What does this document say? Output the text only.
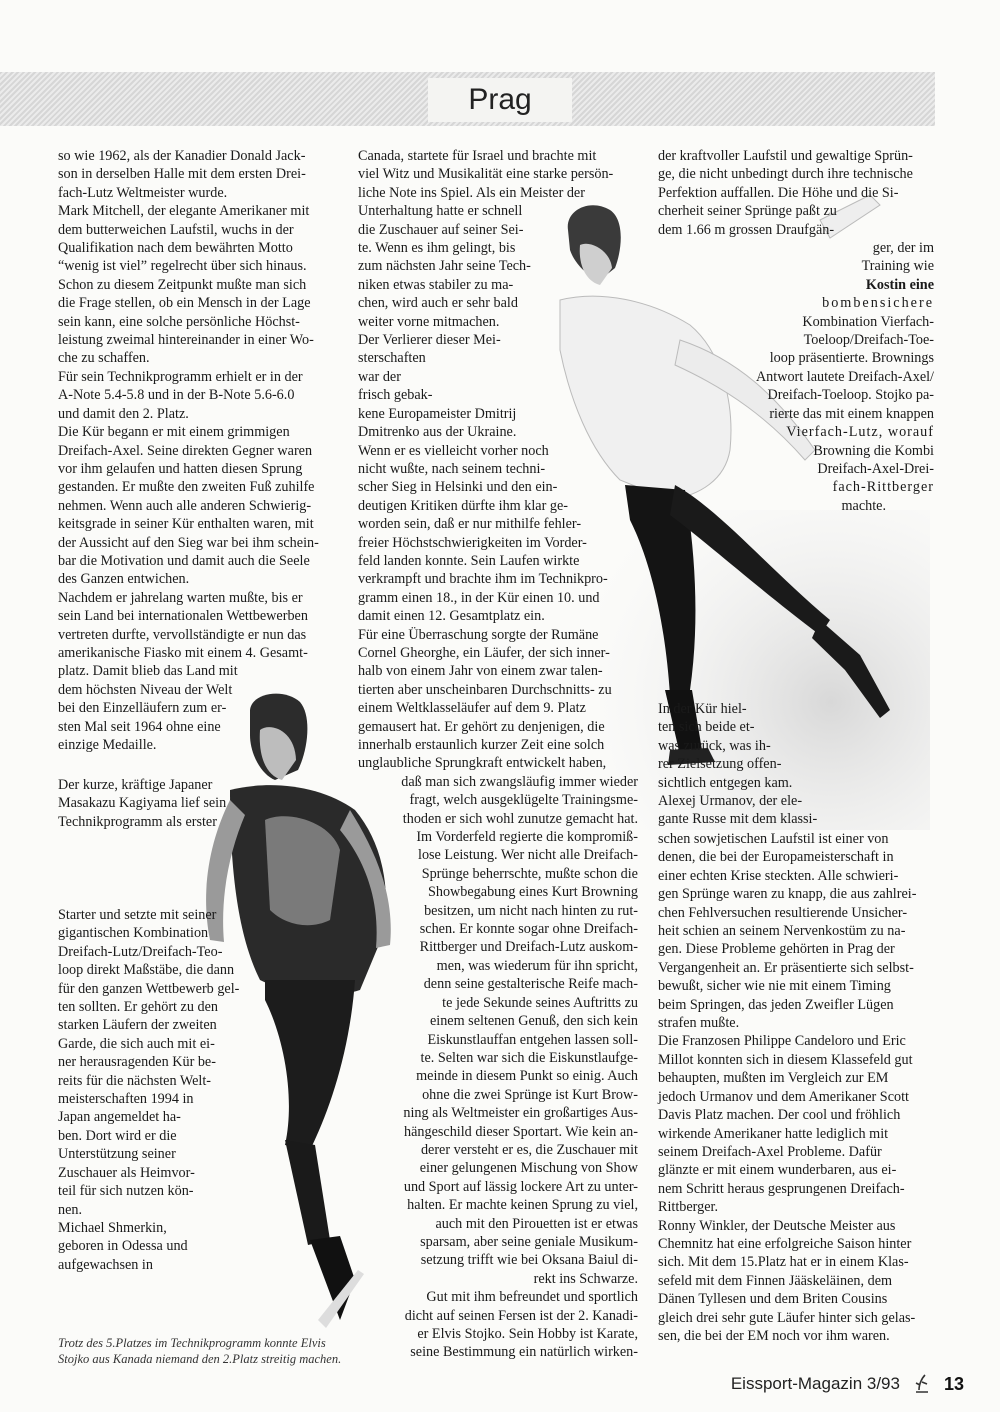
Prag

so wie 1962, als der Kanadier Donald Jack-

son in derselben Halle mit dem ersten Drei-

fach-Lutz Weltmeister wurde.

Mark Mitchell, der elegante Amerikaner mit

dem butterweichen Laufstil, wuchs in der

Qualifikation nach dem bewährten Motto

“wenig ist viel” regelrecht über sich hinaus.

Schon zu diesem Zeitpunkt mußte man sich

die Frage stellen, ob ein Mensch in der Lage

sein kann, eine solche persönliche Höchst-

leistung zweimal hintereinander in einer Wo-

che zu schaffen.

Für sein Technikprogramm erhielt er in der

A-Note 5.4-5.8 und in der B-Note 5.6-6.0

und damit den 2. Platz.

Die Kür begann er mit einem grimmigen

Dreifach-Axel. Seine direkten Gegner waren

vor ihm gelaufen und hatten diesen Sprung

gestanden. Er mußte den zweiten Fuß zuhilfe

nehmen. Wenn auch alle anderen Schwierig-

keitsgrade in seiner Kür enthalten waren, mit

der Aussicht auf den Sieg war bei ihm schein-

bar die Motivation und damit auch die Seele

des Ganzen entwichen.

Nachdem er jahrelang warten mußte, bis er

sein Land bei internationalen Wettbewerben

vertreten durfte, vervollständigte er nun das

amerikanische Fiasko mit einem 4. Gesamt-

platz. Damit blieb das Land mit

dem höchsten Niveau der Welt

bei den Einzelläufern zum er-

sten Mal seit 1964 ohne eine

einzige Medaille.

Der kurze, kräftige Japaner

Masakazu Kagiyama lief sein

Technikprogramm als erster

Starter und setzte mit seiner

gigantischen Kombination

Dreifach-Lutz/Dreifach-Teo-

loop direkt Maßstäbe, die dann

für den ganzen Wettbewerb gel-

ten sollten. Er gehört zu den

starken Läufern der zweiten

Garde, die sich auch mit ei-

ner herausragenden Kür be-

reits für die nächsten Welt-

meisterschaften 1994 in

Japan angemeldet ha-

ben. Dort wird er die

Unterstützung seiner

Zuschauer als Heimvor-

teil für sich nutzen kön-

nen.

Michael Shmerkin,

geboren in Odessa und

aufgewachsen in

Canada, startete für Israel und brachte mit

viel Witz und Musikalität eine starke persön-

liche Note ins Spiel. Als ein Meister der

Unterhaltung hatte er schnell

die Zuschauer auf seiner Sei-

te. Wenn es ihm gelingt, bis

zum nächsten Jahr seine Tech-

niken etwas stabiler zu ma-

chen, wird auch er sehr bald

weiter vorne mitmachen.

Der Verlierer dieser Mei-

sterschaften

war der

frisch gebak-

kene Europameister Dmitrij

Dmitrenko aus der Ukraine.

Wenn er es vielleicht vorher noch

nicht wußte, nach seinem techni-

scher Sieg in Helsinki und den ein-

deutigen Kritiken dürfte ihm klar ge-

worden sein, daß er nur mithilfe fehler-

freier Höchstschwierigkeiten im Vorder-

feld landen konnte. Sein Laufen wirkte

verkrampft und brachte ihm im Technikpro-

gramm einen 18., in der Kür einen 10. und

damit einen 12. Gesamtplatz ein.

Für eine Überraschung sorgte der Rumäne

Cornel Gheorghe, ein Läufer, der sich inner-

halb von einem Jahr von einem zwar talen-

tierten aber unscheinbaren Durchschnitts- zu

einem Weltklasseläufer auf dem 9. Platz

gemausert hat. Er gehört zu denjenigen, die

innerhalb erstaunlich kurzer Zeit eine solch

unglaubliche Sprungkraft entwickelt haben,

daß man sich zwangsläufig immer wieder

fragt, welch ausgeklügelte Trainingsme-

thoden er sich wohl zunutze gemacht hat.

Im Vorderfeld regierte die kompromiß-

lose Leistung. Wer nicht alle Dreifach-

Sprünge beherrschte, mußte schon die

Showbegabung eines Kurt Browning

besitzen, um nicht nach hinten zu rut-

schen. Er konnte sogar ohne Dreifach-

Rittberger und Dreifach-Lutz auskom-

men, was wiederum für ihn spricht,

denn seine gestalterische Reife mach-

te jede Sekunde seines Auftritts zu

einem seltenen Genuß, den sich kein

Eiskunstlauffan entgehen lassen soll-

te. Selten war sich die Eiskunstlaufge-

meinde in diesem Punkt so einig. Auch

ohne die zwei Sprünge ist Kurt Brow-

ning als Weltmeister ein großartiges Aus-

hängeschild dieser Sportart. Wie kein an-

derer versteht er es, die Zuschauer mit

einer gelungenen Mischung von Show

und Sport auf lässig lockere Art zu unter-

halten. Er machte keinen Sprung zu viel,

auch mit den Pirouetten ist er etwas

sparsam, aber seine geniale Musikum-

setzung trifft wie bei Oksana Baiul di-

rekt ins Schwarze.

Gut mit ihm befreundet und sportlich

dicht auf seinen Fersen ist der 2. Kanadi-

er Elvis Stojko. Sein Hobby ist Karate,

seine Bestimmung ein natürlich wirken-

der kraftvoller Laufstil und gewaltige Sprün-

ge, die nicht unbedingt durch ihre technische

Perfektion auffallen. Die Höhe und die Si-

cherheit seiner Sprünge paßt zu

dem 1.66 m grossen Draufgän-

ger, der im

Training wie

Kostin eine

bombensichere

Kombination Vierfach-

Toeloop/Dreifach-Toe-

loop präsentierte. Brownings

Antwort lautete Dreifach-Axel/

Dreifach-Toeloop. Stojko pa-

rierte das mit einem knappen

Vierfach-Lutz, worauf

Browning die Kombi

Dreifach-Axel-Drei-

fach-Rittberger

machte.

In der Kür hiel-

ten sich beide et-

was zurück, was ih-

rer Zielsetzung offen-

sichtlich entgegen kam.

Alexej Urmanov, der ele-

gante Russe mit dem klassi-

schen sowjetischen Laufstil ist einer von

denen, die bei der Europameisterschaft in

einer echten Krise steckten. Alle schwieri-

gen Sprünge waren zu knapp, die aus zahlrei-

chen Fehlversuchen resultierende Unsicher-

heit schien an seinem Nervenkostüm zu na-

gen. Diese Probleme gehörten in Prag der

Vergangenheit an. Er präsentierte sich selbst-

bewußt, sicher wie nie mit einem Timing

beim Springen, das jeden Zweifler Lügen

strafen mußte.

Die Franzosen Philippe Candeloro und Eric

Millot konnten sich in diesem Klassefeld gut

behaupten, mußten im Vergleich zur EM

jedoch Urmanov und dem Amerikaner Scott

Davis Platz machen. Der cool und fröhlich

wirkende Amerikaner hatte lediglich mit

seinem Dreifach-Axel Probleme. Dafür

glänzte er mit einem wunderbaren, aus ei-

nem Schritt heraus gesprungenen Dreifach-

Rittberger.

Ronny Winkler, der Deutsche Meister aus

Chemnitz hat eine erfolgreiche Saison hinter

sich. Mit dem 15.Platz hat er in einem Klas-

sefeld mit dem Finnen Jääskeläinen, dem

Dänen Tyllesen und dem Briten Cousins

gleich drei sehr gute Läufer hinter sich gelas-

sen, die bei der EM noch vor ihm waren.

Trotz des 5.Platzes im Technikprogramm konnte Elvis
Stojko aus Kanada niemand den 2.Platz streitig machen.
Eissport-Magazin 3/93 13
